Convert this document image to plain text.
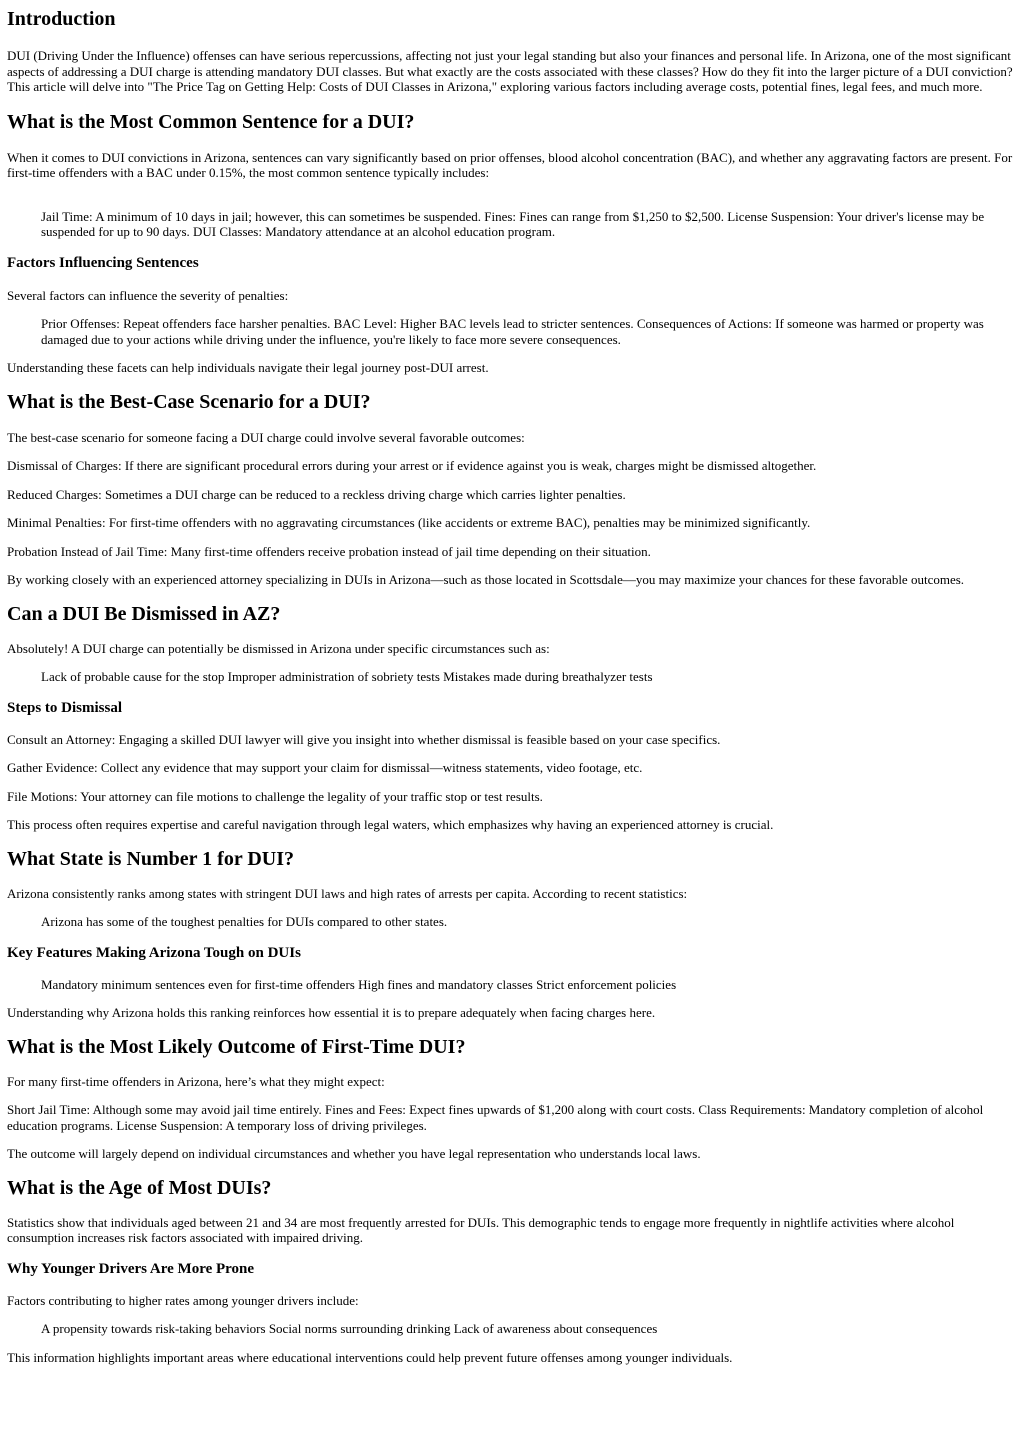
Introduction

DUI (Driving Under the Influence) offenses can have serious repercussions, affecting not just your legal standing but also your finances and personal life. In Arizona, one of the most significant aspects of addressing a DUI charge is attending mandatory DUI classes. But what exactly are the costs associated with these classes? How do they fit into the larger picture of a DUI conviction? This article will delve into "The Price Tag on Getting Help: Costs of DUI Classes in Arizona," exploring various factors including average costs, potential fines, legal fees, and much more.

What is the Most Common Sentence for a DUI?

When it comes to DUI convictions in Arizona, sentences can vary significantly based on prior offenses, blood alcohol concentration (BAC), and whether any aggravating factors are present. For first-time offenders with a BAC under 0.15%, the most common sentence typically includes:

Jail Time: A minimum of 10 days in jail; however, this can sometimes be suspended. Fines: Fines can range from $1,250 to $2,500. License Suspension: Your driver's license may be suspended for up to 90 days. DUI Classes: Mandatory attendance at an alcohol education program.

Factors Influencing Sentences

Several factors can influence the severity of penalties:

Prior Offenses: Repeat offenders face harsher penalties. BAC Level: Higher BAC levels lead to stricter sentences. Consequences of Actions: If someone was harmed or property was damaged due to your actions while driving under the influence, you're likely to face more severe consequences.

Understanding these facets can help individuals navigate their legal journey post-DUI arrest.

What is the Best-Case Scenario for a DUI?

The best-case scenario for someone facing a DUI charge could involve several favorable outcomes:

Dismissal of Charges: If there are significant procedural errors during your arrest or if evidence against you is weak, charges might be dismissed altogether.

Reduced Charges: Sometimes a DUI charge can be reduced to a reckless driving charge which carries lighter penalties.

Minimal Penalties: For first-time offenders with no aggravating circumstances (like accidents or extreme BAC), penalties may be minimized significantly.

Probation Instead of Jail Time: Many first-time offenders receive probation instead of jail time depending on their situation.

By working closely with an experienced attorney specializing in DUIs in Arizona—such as those located in Scottsdale—you may maximize your chances for these favorable outcomes.

Can a DUI Be Dismissed in AZ?

Absolutely! A DUI charge can potentially be dismissed in Arizona under specific circumstances such as:

Lack of probable cause for the stop Improper administration of sobriety tests Mistakes made during breathalyzer tests

Steps to Dismissal

Consult an Attorney: Engaging a skilled DUI lawyer will give you insight into whether dismissal is feasible based on your case specifics.

Gather Evidence: Collect any evidence that may support your claim for dismissal—witness statements, video footage, etc.

File Motions: Your attorney can file motions to challenge the legality of your traffic stop or test results.

This process often requires expertise and careful navigation through legal waters, which emphasizes why having an experienced attorney is crucial.

What State is Number 1 for DUI?

Arizona consistently ranks among states with stringent DUI laws and high rates of arrests per capita. According to recent statistics:

Arizona has some of the toughest penalties for DUIs compared to other states.

Key Features Making Arizona Tough on DUIs

Mandatory minimum sentences even for first-time offenders High fines and mandatory classes Strict enforcement policies

Understanding why Arizona holds this ranking reinforces how essential it is to prepare adequately when facing charges here.

What is the Most Likely Outcome of First-Time DUI?

For many first-time offenders in Arizona, here’s what they might expect:

Short Jail Time: Although some may avoid jail time entirely. Fines and Fees: Expect fines upwards of $1,200 along with court costs. Class Requirements: Mandatory completion of alcohol education programs. License Suspension: A temporary loss of driving privileges.

The outcome will largely depend on individual circumstances and whether you have legal representation who understands local laws.

What is the Age of Most DUIs?

Statistics show that individuals aged between 21 and 34 are most frequently arrested for DUIs. This demographic tends to engage more frequently in nightlife activities where alcohol consumption increases risk factors associated with impaired driving.

Why Younger Drivers Are More Prone

Factors contributing to higher rates among younger drivers include:

A propensity towards risk-taking behaviors Social norms surrounding drinking Lack of awareness about consequences

This information highlights important areas where educational interventions could help prevent future offenses among younger individuals.
